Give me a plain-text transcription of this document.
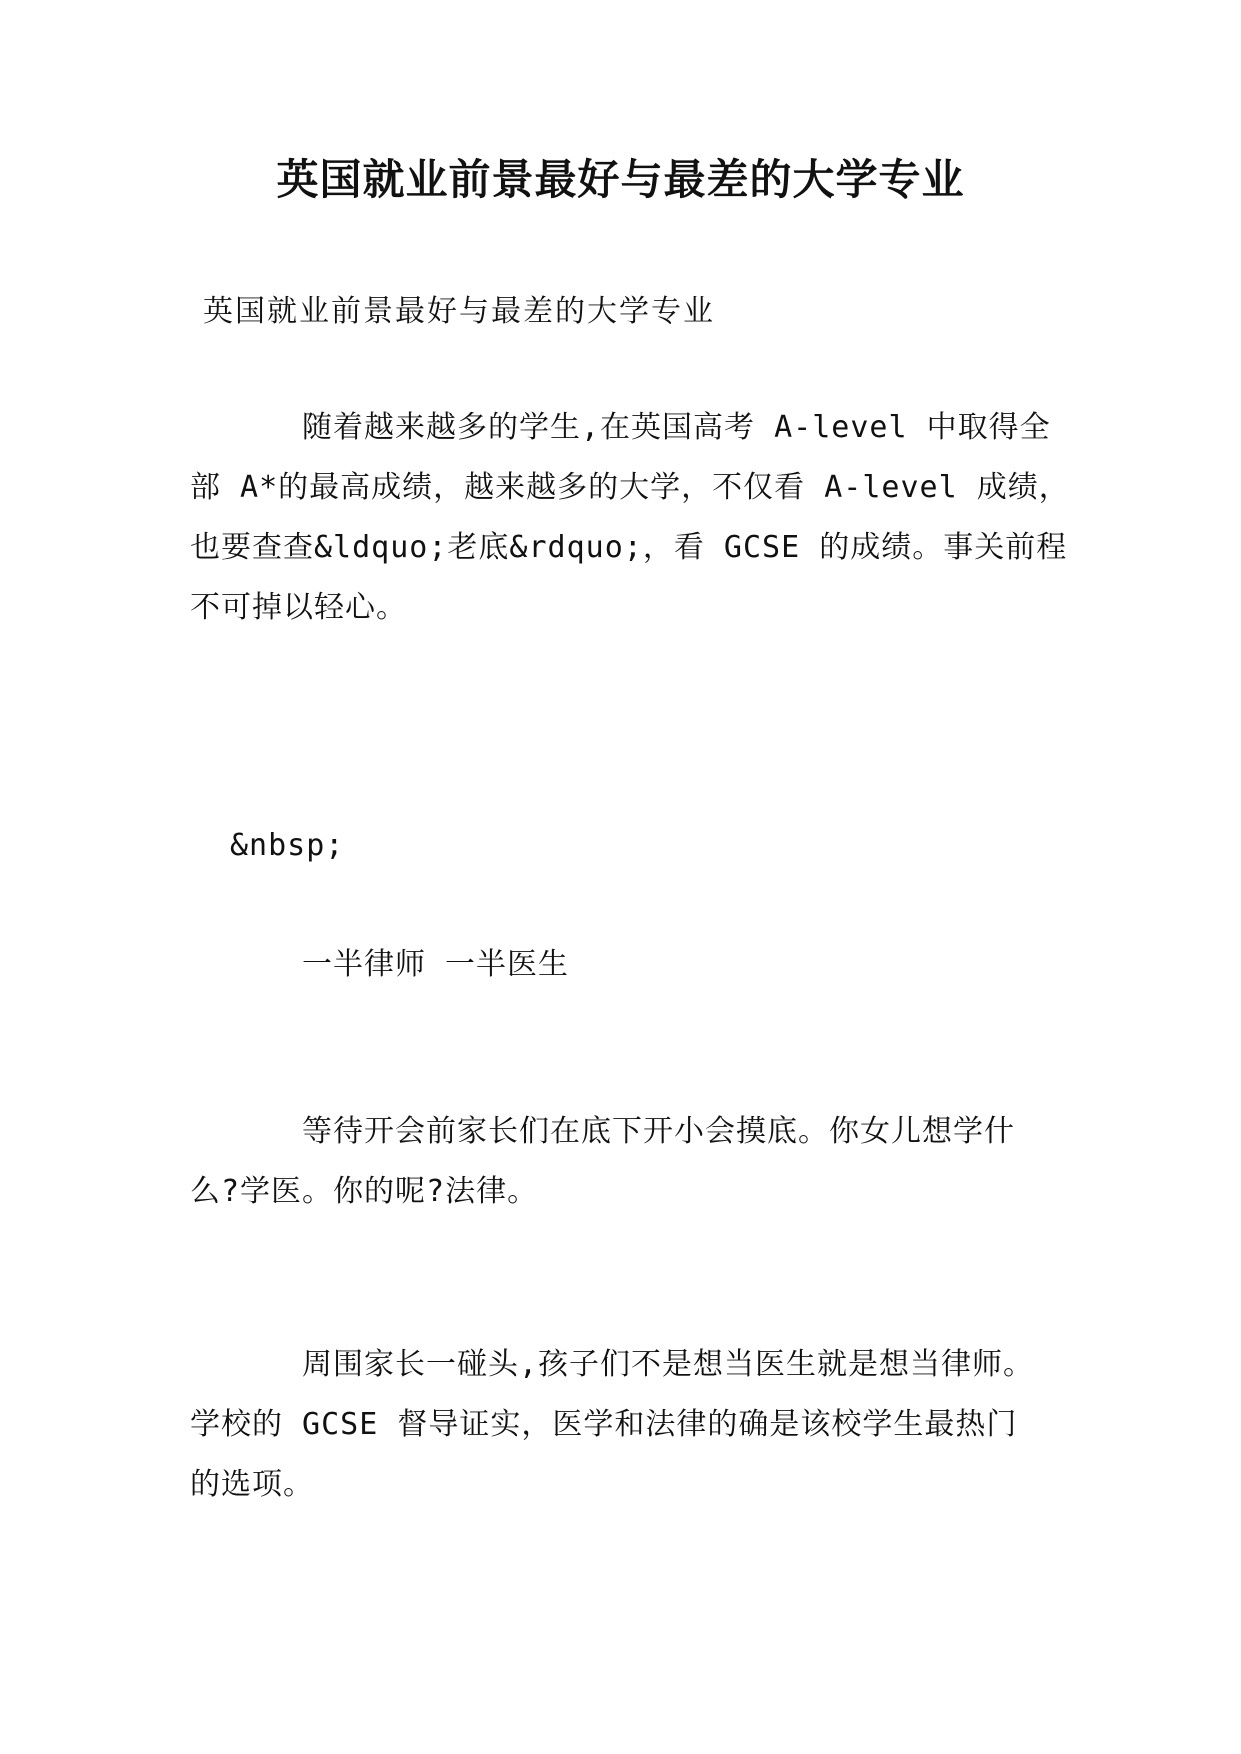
英国就业前景最好与最差的大学专业

英国就业前景最好与最差的大学专业

随着越来越多的学生,在英国高考 A-level 中取得全
部 A*的最高成绩，越来越多的大学，不仅看 A-level 成绩，
也要查查&ldquo;老底&rdquo;，看 GCSE 的成绩。事关前程
不可掉以轻心。
&nbsp;
一半律师 一半医生
等待开会前家长们在底下开小会摸底。你女儿想学什
么?学医。你的呢?法律。
周围家长一碰头,孩子们不是想当医生就是想当律师。
学校的 GCSE 督导证实，医学和法律的确是该校学生最热门
的选项。
